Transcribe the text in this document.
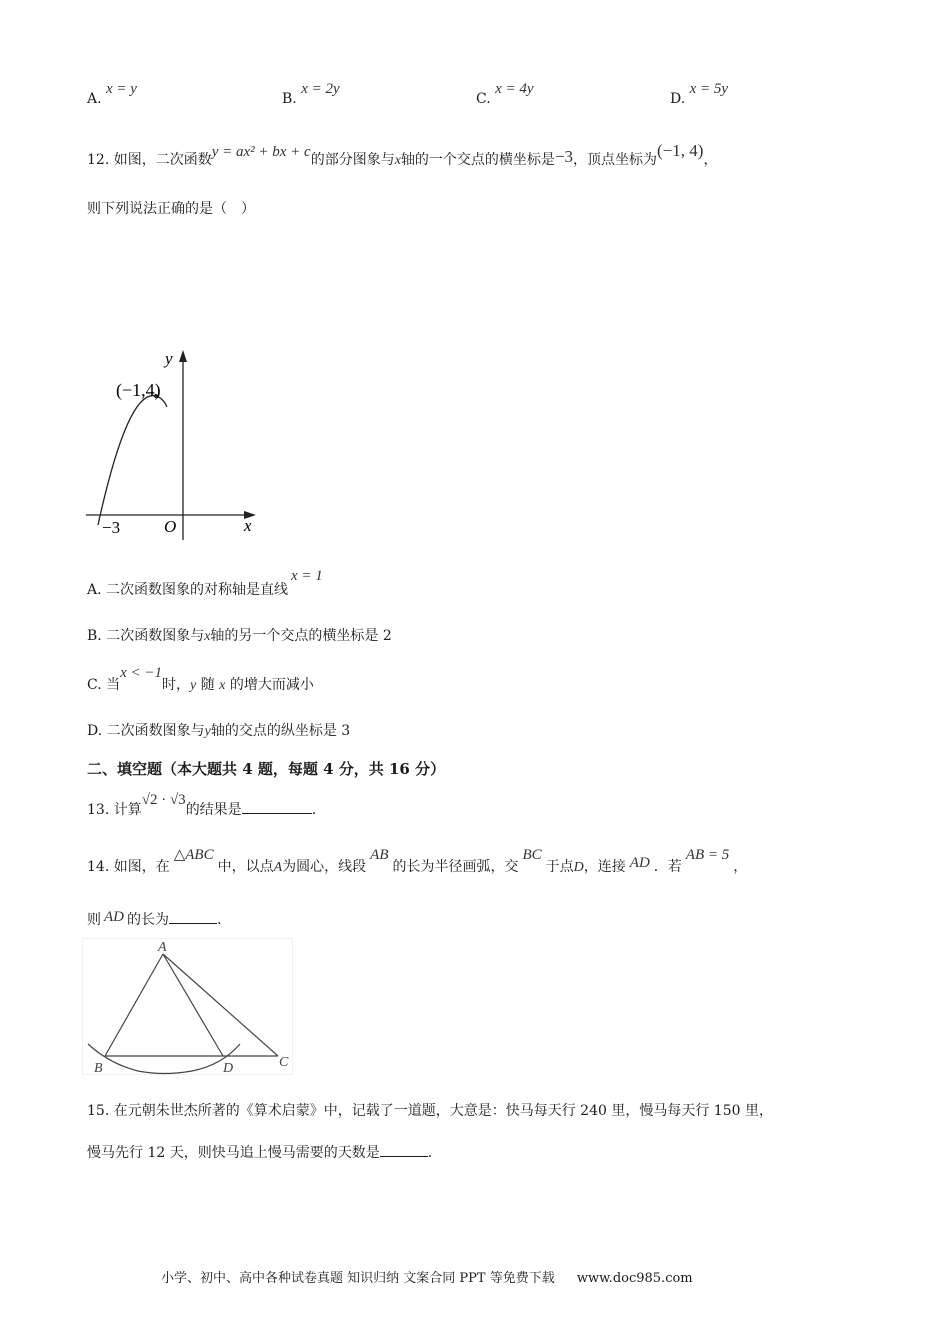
A. x = y
B. x = 2y
C. x = 4y
D. x = 5y
12. 如图，二次函数y = ax² + bx + c的部分图象与x轴的一个交点的横坐标是−3，顶点坐标为(−1, 4)，
则下列说法正确的是（　）
y
x
O
−3
(−1,4)
A. 二次函数图象的对称轴是直线x = 1
B. 二次函数图象与x轴的另一个交点的横坐标是 2
C. 当x < −1时，y 随 x 的增大而减小
D. 二次函数图象与y轴的交点的纵坐标是 3
二、填空题（本大题共 4 题，每题 4 分，共 16 分）
13. 计算√2 · √3的结果是	.
14. 如图，在△ABC中，以点A为圆心，线段AB的长为半径画弧，交BC于点D，连接 AD ．若AB = 5，
则 AD 的长为	.
A
B	D	C
15. 在元朝朱世杰所著的《算术启蒙》中，记载了一道题，大意是：快马每天行 240 里，慢马每天行 150 里，
慢马先行 12 天，则快马追上慢马需要的天数是	.
小学、初中、高中各种试卷真题 知识归纳 文案合同 PPT 等免费下载 www.doc985.com
